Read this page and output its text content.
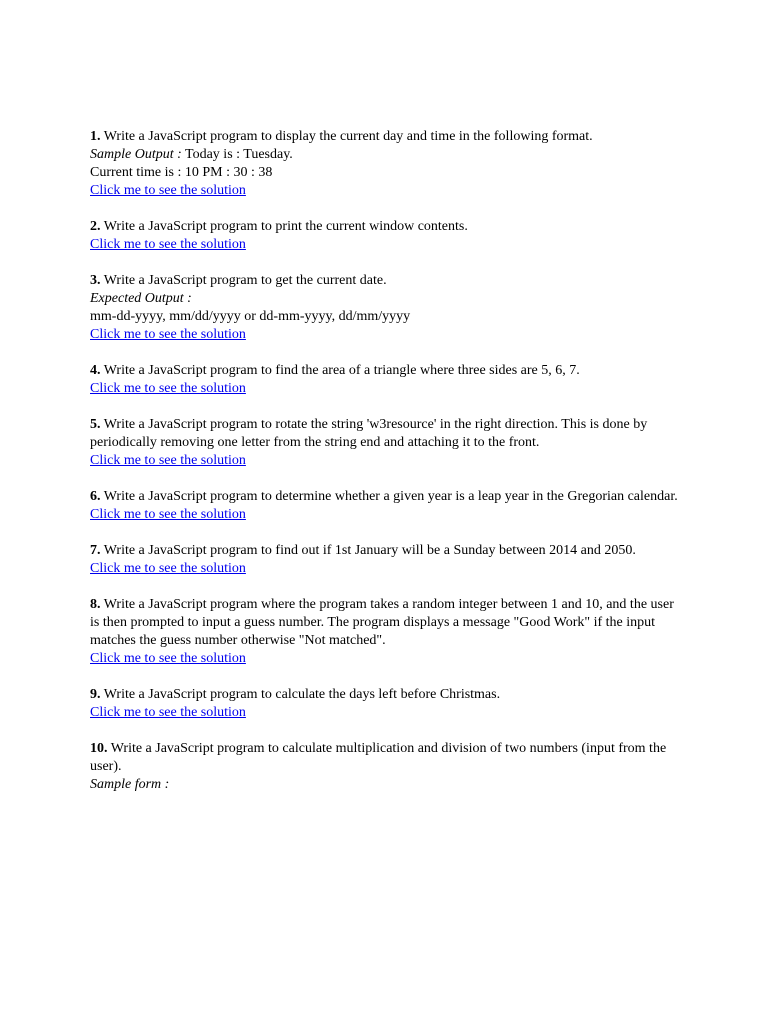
1. Write a JavaScript program to display the current day and time in the following format.

Sample Output : Today is : Tuesday.

Current time is : 10 PM : 30 : 38

Click me to see the solution

2. Write a JavaScript program to print the current window contents.

Click me to see the solution

3. Write a JavaScript program to get the current date.

Expected Output :

mm-dd-yyyy, mm/dd/yyyy or dd-mm-yyyy, dd/mm/yyyy

Click me to see the solution

4. Write a JavaScript program to find the area of a triangle where three sides are 5, 6, 7.

Click me to see the solution

5. Write a JavaScript program to rotate the string 'w3resource' in the right direction. This is done by periodically removing one letter from the string end and attaching it to the front.

Click me to see the solution

6. Write a JavaScript program to determine whether a given year is a leap year in the Gregorian calendar.

Click me to see the solution

7. Write a JavaScript program to find out if 1st January will be a Sunday between 2014 and 2050.

Click me to see the solution

8. Write a JavaScript program where the program takes a random integer between 1 and 10, and the user is then prompted to input a guess number. The program displays a message "Good Work" if the input matches the guess number otherwise "Not matched".

Click me to see the solution

9. Write a JavaScript program to calculate the days left before Christmas.

Click me to see the solution

10. Write a JavaScript program to calculate multiplication and division of two numbers (input from the user).

Sample form :
